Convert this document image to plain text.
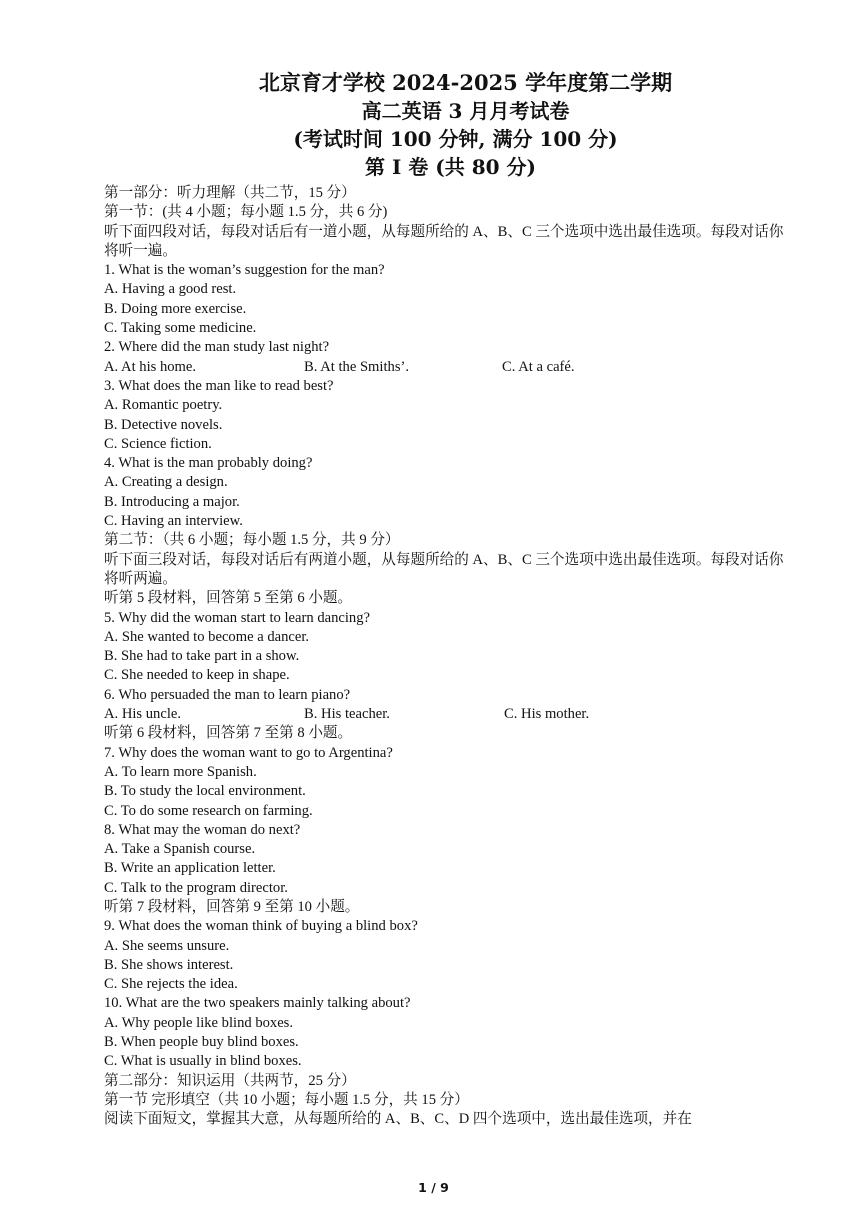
北京育才学校 2024-2025 学年度第二学期
高二英语 3 月月考试卷
(考试时间 100 分钟, 满分 100 分)
第 I 卷 (共 80 分)
第一部分：听力理解（共二节，15 分）
第一节：(共 4 小题；每小题 1.5 分，共 6 分)
听下面四段对话，每段对话后有一道小题，从每题所给的 A、B、C 三个选项中选出最佳选项。每段对话你将听一遍。
1. What is the woman’s suggestion for the man?
A. Having a good rest.
B. Doing more exercise.
C. Taking some medicine.
2. Where did the man study last night?
A. At his home.	B. At the Smiths’.	C. At a café.
3. What does the man like to read best?
A. Romantic poetry.
B. Detective novels.
C. Science fiction.
4. What is the man probably doing?
A. Creating a design.
B. Introducing a major.
C. Having an interview.
第二节：（共 6 小题；每小题 1.5 分，共 9 分）
听下面三段对话，每段对话后有两道小题，从每题所给的 A、B、C 三个选项中选出最佳选项。每段对话你将听两遍。
听第 5 段材料，回答第 5 至第 6 小题。
5. Why did the woman start to learn dancing?
A. She wanted to become a dancer.
B. She had to take part in a show.
C. She needed to keep in shape.
6. Who persuaded the man to learn piano?
A. His uncle.	B. His teacher.	C. His mother.
听第 6 段材料，回答第 7 至第 8 小题。
7. Why does the woman want to go to Argentina?
A. To learn more Spanish.
B. To study the local environment.
C. To do some research on farming.
8. What may the woman do next?
A. Take a Spanish course.
B. Write an application letter.
C. Talk to the program director.
听第 7 段材料，回答第 9 至第 10 小题。
9. What does the woman think of buying a blind box?
A. She seems unsure.
B. She shows interest.
C. She rejects the idea.
10. What are the two speakers mainly talking about?
A. Why people like blind boxes.
B. When people buy blind boxes.
C. What is usually in blind boxes.
第二部分：知识运用（共两节，25 分）
第一节 完形填空（共 10 小题；每小题 1.5 分，共 15 分）
阅读下面短文，掌握其大意，从每题所给的 A、B、C、D 四个选项中，选出最佳选项，并在
1 / 9
